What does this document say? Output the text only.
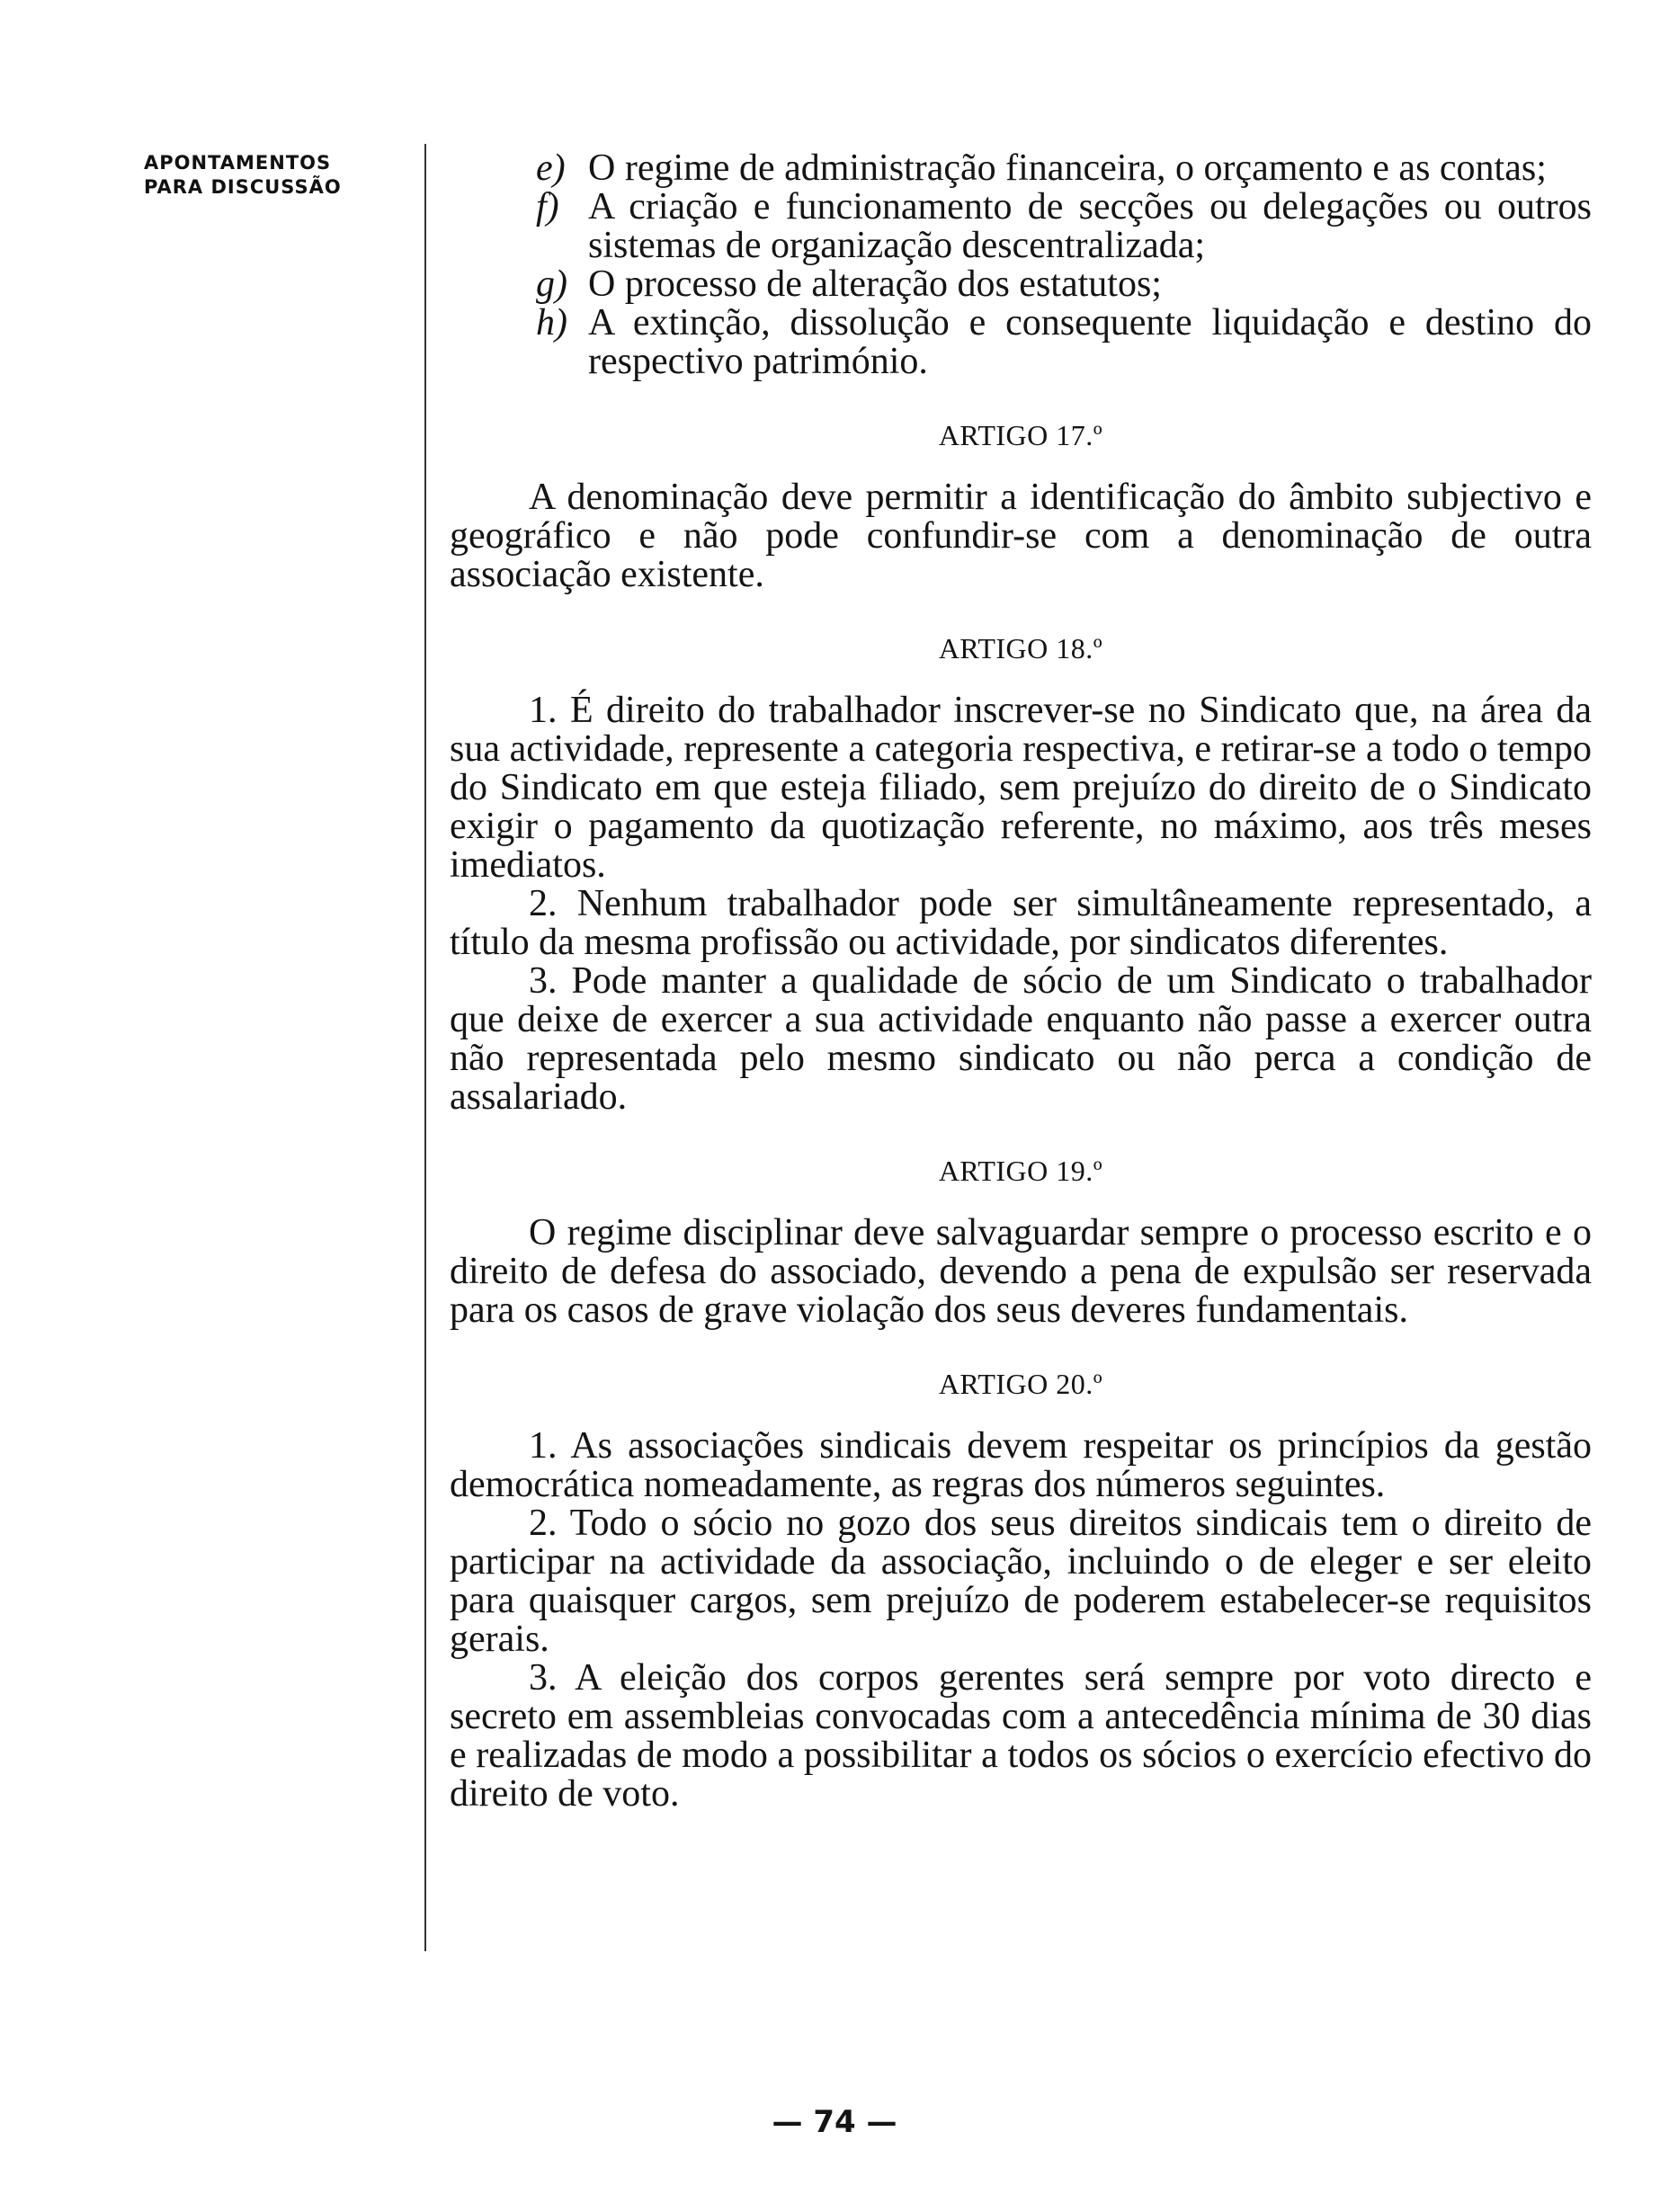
APONTAMENTOS
PARA DISCUSSÃO	e) O regime de administração financeira, o orçamento e as contas;
f) A criação e funcionamento de secções ou delegações ou outros sistemas de organização descentralizada;
g) O processo de alteração dos estatutos;
h) A extinção, dissolução e consequente liquidação e destino do respectivo património.
ARTIGO 17.º

A denominação deve permitir a identificação do âmbito subjectivo e geográfico e não pode confundir-se com a denominação de outra associação existente.

ARTIGO 18.º

1. É direito do trabalhador inscrever-se no Sindicato que, na área da sua actividade, represente a categoria respectiva, e retirar-se a todo o tempo do Sindicato em que esteja filiado, sem prejuízo do direito de o Sindicato exigir o pagamento da quotização referente, no máximo, aos três meses imediatos.

2. Nenhum trabalhador pode ser simultâneamente representado, a título da mesma profissão ou actividade, por sindicatos diferentes.

3. Pode manter a qualidade de sócio de um Sindicato o trabalhador que deixe de exercer a sua actividade enquanto não passe a exercer outra não representada pelo mesmo sindicato ou não perca a condição de assalariado.

ARTIGO 19.º

O regime disciplinar deve salvaguardar sempre o processo escrito e o direito de defesa do associado, devendo a pena de expulsão ser reservada para os casos de grave violação dos seus deveres fundamentais.

ARTIGO 20.º

1. As associações sindicais devem respeitar os princípios da gestão democrática nomeadamente, as regras dos números seguintes.

2. Todo o sócio no gozo dos seus direitos sindicais tem o direito de participar na actividade da associação, incluindo o de eleger e ser eleito para quaisquer cargos, sem prejuízo de poderem estabelecer-se requisitos gerais.

3. A eleição dos corpos gerentes será sempre por voto directo e secreto em assembleias convocadas com a antecedência mínima de 30 dias e realizadas de modo a possibilitar a todos os sócios o exercício efectivo do direito de voto.

— 74 —
